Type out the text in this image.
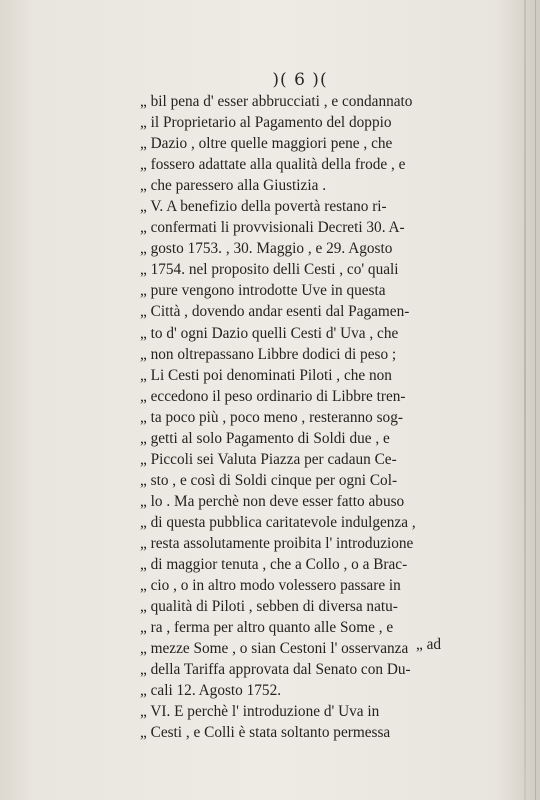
)( 6 )(
„ bil pena d' esser abbrucciati , e condannato
„ il Proprietario al Pagamento del doppio
„ Dazio , oltre quelle maggiori pene , che
„ fossero adattate alla qualità della frode , e
„ che paressero alla Giustizia .
„ V. A benefizio della povertà restano ri-
„ confermati li provvisionali Decreti 30. A-
„ gosto 1753. , 30. Maggio , e 29. Agosto
„ 1754. nel proposito delli Cesti , co' quali
„ pure vengono introdotte Uve in questa
„ Città , dovendo andar esenti dal Pagamen-
„ to d' ogni Dazio quelli Cesti d' Uva , che
„ non oltrepassano Libbre dodici di peso ;
„ Li Cesti poi denominati Piloti , che non
„ eccedono il peso ordinario di Libbre tren-
„ ta poco più , poco meno , resteranno sog-
„ getti al solo Pagamento di Soldi due , e
„ Piccoli sei Valuta Piazza per cadaun Ce-
„ sto , e così di Soldi cinque per ogni Col-
„ lo . Ma perchè non deve esser fatto abuso
„ di questa pubblica caritatevole indulgenza ,
„ resta assolutamente proibita l' introduzione
„ di maggior tenuta , che a Collo , o a Brac-
„ cio , o in altro modo volessero passare in
„ qualità di Piloti , sebben di diversa natu-
„ ra , ferma per altro quanto alle Some , e
„ mezze Some , o sian Cestoni l' osservanza
„ della Tariffa approvata dal Senato con Du-
„ cali 12. Agosto 1752.
„ VI. E perchè l' introduzione d' Uva in
„ Cesti , e Colli è stata soltanto permessa
„ ad
